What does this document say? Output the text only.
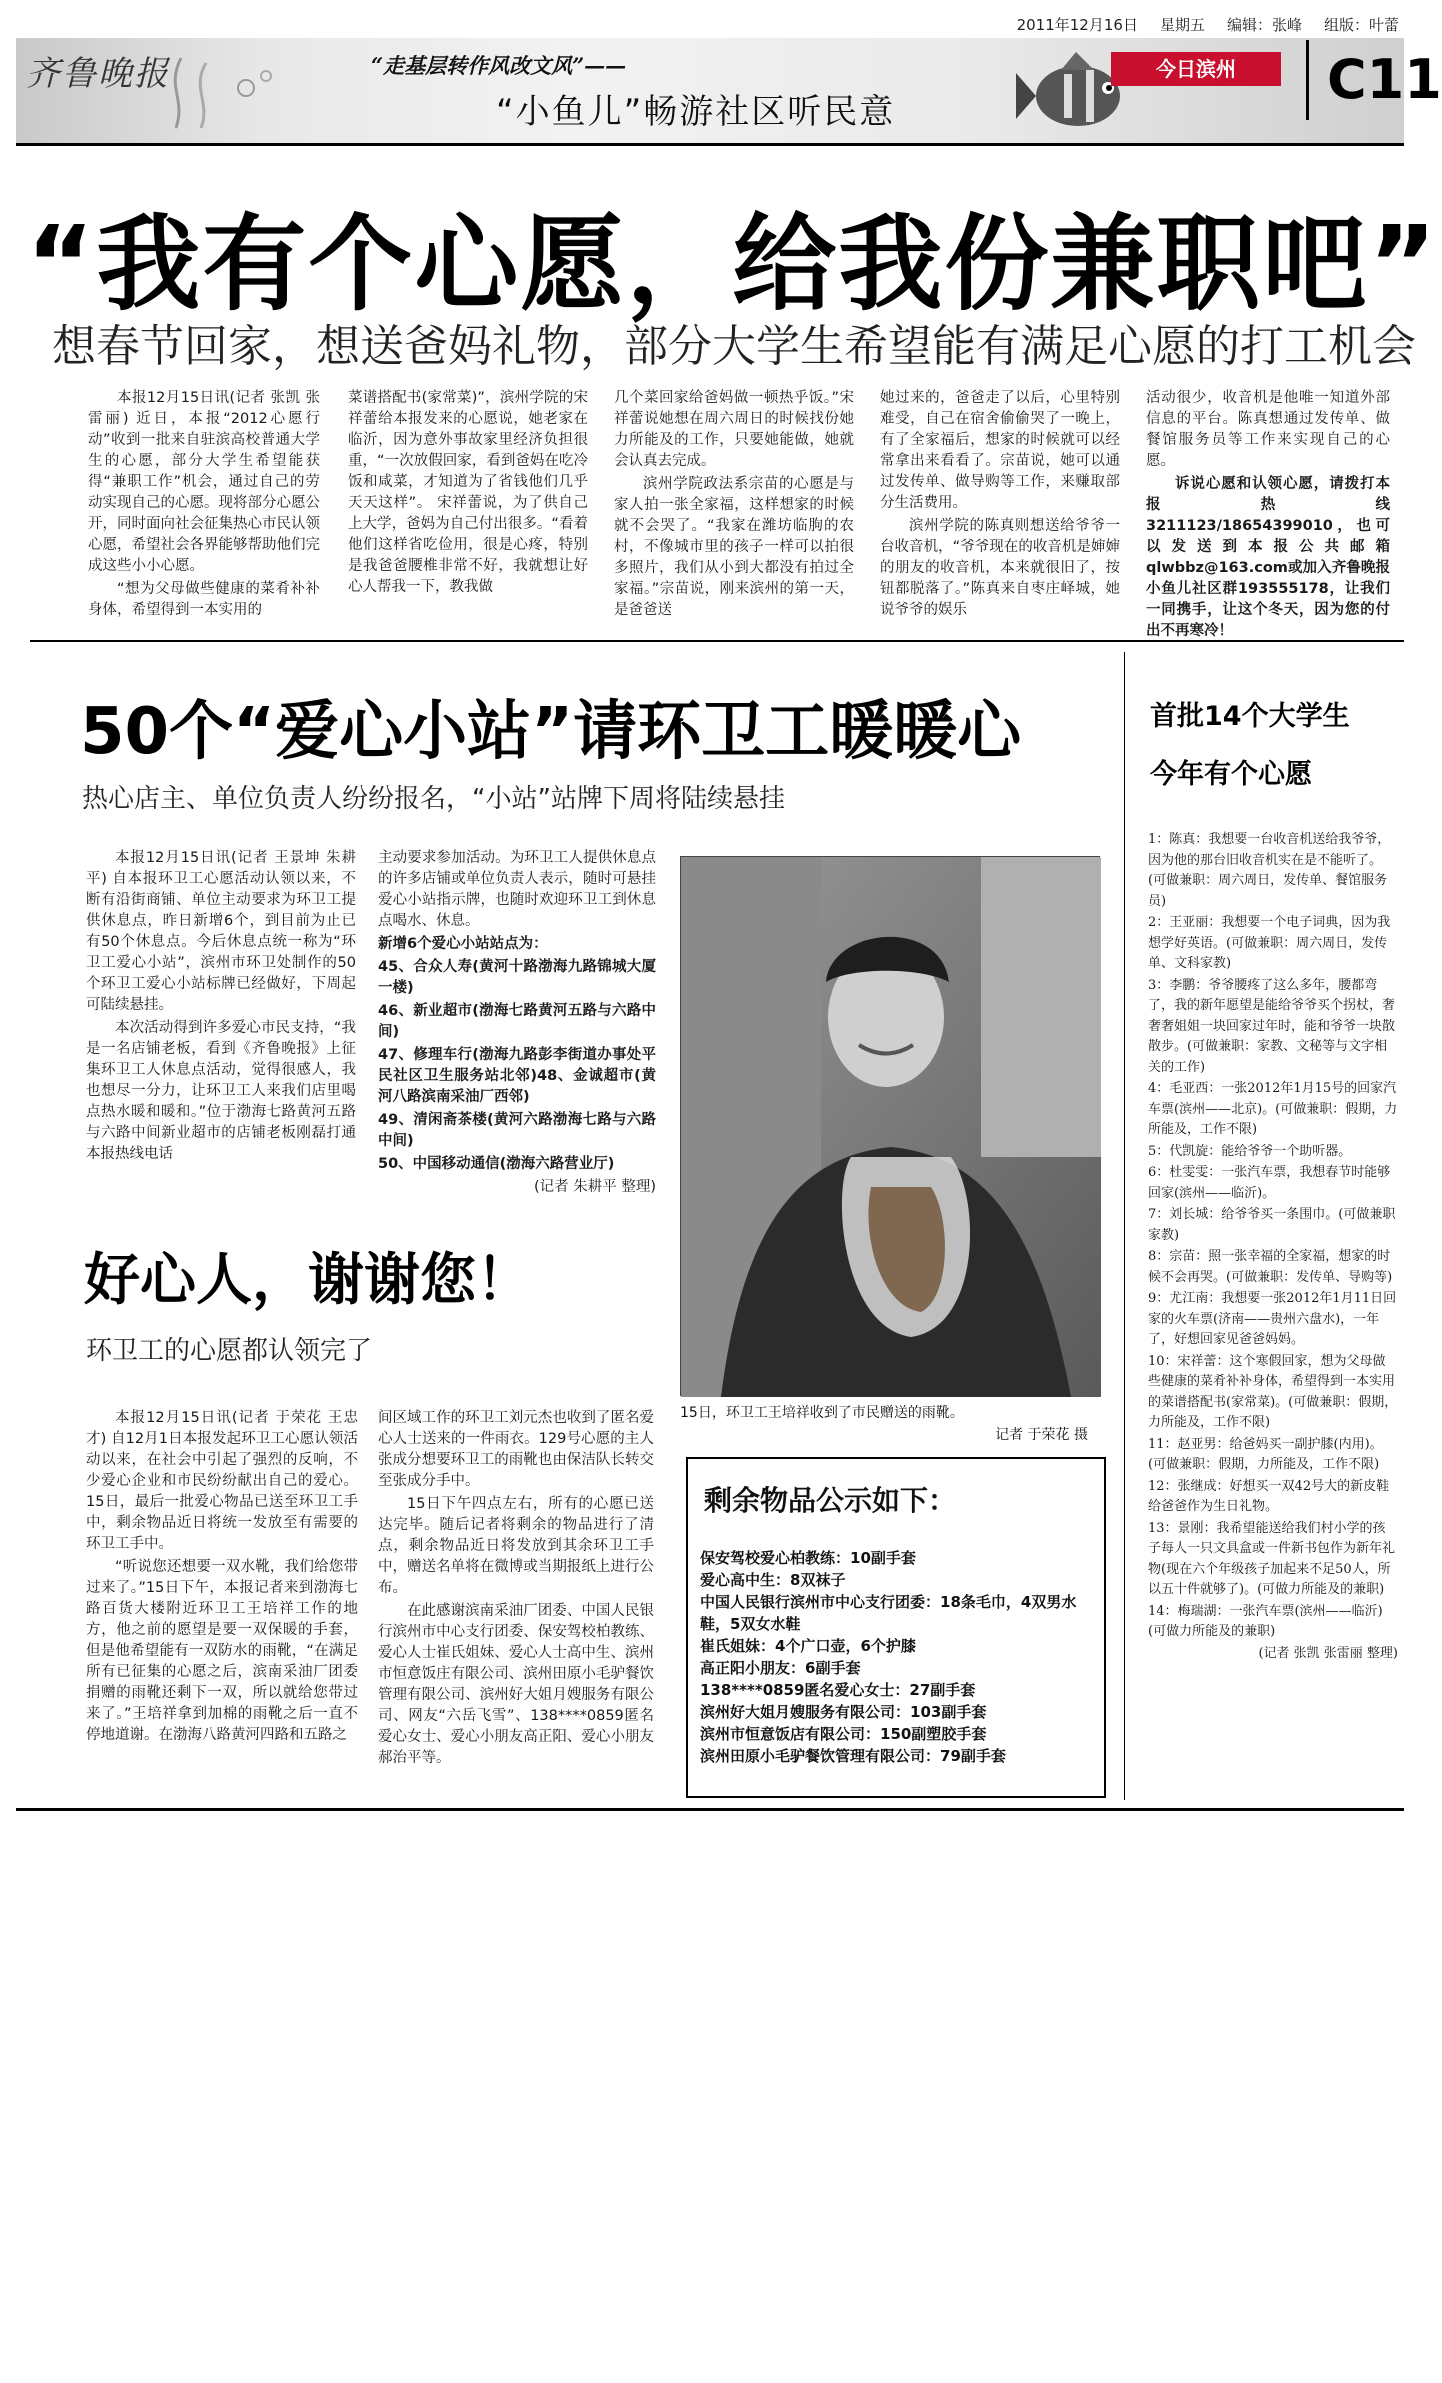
2011年12月16日 星期五 编辑：张峰 组版：叶蕾
齐鲁晚报	“走基层转作风改文风”——
“小鱼儿”畅游社区听民意
今日滨州	C11
“我有个心愿，给我份兼职吧”
想春节回家，想送爸妈礼物，部分大学生希望能有满足心愿的打工机会

本报12月15日讯(记者 张凯 张雷丽) 近日，本报“2012心愿行动”收到一批来自驻滨高校普通大学生的心愿，部分大学生希望能获得“兼职工作”机会，通过自己的劳动实现自己的心愿。现将部分心愿公开，同时面向社会征集热心市民认领心愿，希望社会各界能够帮助他们完成这些小小心愿。

“想为父母做些健康的菜肴补补身体，希望得到一本实用的

菜谱搭配书(家常菜)”，滨州学院的宋祥蕾给本报发来的心愿说，她老家在临沂，因为意外事故家里经济负担很重，“一次放假回家，看到爸妈在吃冷饭和咸菜，才知道为了省钱他们几乎天天这样”。 宋祥蕾说，为了供自己上大学，爸妈为自己付出很多。“看着他们这样省吃俭用，很是心疼，特别是我爸爸腰椎非常不好，我就想让好心人帮我一下，教我做

几个菜回家给爸妈做一顿热乎饭。”宋祥蕾说她想在周六周日的时候找份她力所能及的工作，只要她能做，她就会认真去完成。

滨州学院政法系宗苗的心愿是与家人拍一张全家福，这样想家的时候就不会哭了。“我家在潍坊临朐的农村，不像城市里的孩子一样可以拍很多照片，我们从小到大都没有拍过全家福。”宗苗说，刚来滨州的第一天，是爸爸送

她过来的，爸爸走了以后，心里特别难受，自己在宿舍偷偷哭了一晚上，有了全家福后，想家的时候就可以经常拿出来看看了。宗苗说，她可以通过发传单、做导购等工作，来赚取部分生活费用。

滨州学院的陈真则想送给爷爷一台收音机，“爷爷现在的收音机是婶婶的朋友的收音机，本来就很旧了，按钮都脱落了。”陈真来自枣庄峄城，她说爷爷的娱乐

活动很少，收音机是他唯一知道外部信息的平台。陈真想通过发传单、做餐馆服务员等工作来实现自己的心愿。

诉说心愿和认领心愿，请拨打本报热线3211123/18654399010，也可以发送到本报公共邮箱qlwbbz@163.com或加入齐鲁晚报小鱼儿社区群193555178，让我们一同携手，让这个冬天，因为您的付出不再寒冷！

50个“爱心小站”请环卫工暖暖心
热心店主、单位负责人纷纷报名，“小站”站牌下周将陆续悬挂

本报12月15日讯(记者 王景坤 朱耕平) 自本报环卫工心愿活动认领以来，不断有沿街商铺、单位主动要求为环卫工提供休息点，昨日新增6个，到目前为止已有50个休息点。今后休息点统一称为“环卫工爱心小站”，滨州市环卫处制作的50个环卫工爱心小站标牌已经做好，下周起可陆续悬挂。

本次活动得到许多爱心市民支持，“我是一名店铺老板，看到《齐鲁晚报》上征集环卫工人休息点活动，觉得很感人，我也想尽一分力，让环卫工人来我们店里喝点热水暖和暖和。”位于渤海七路黄河五路与六路中间新业超市的店铺老板刚磊打通本报热线电话

主动要求参加活动。为环卫工人提供休息点的许多店铺或单位负责人表示，随时可悬挂爱心小站指示牌，也随时欢迎环卫工到休息点喝水、休息。

新增6个爱心小站站点为：

45、合众人寿(黄河十路渤海九路锦城大厦一楼)

46、新业超市(渤海七路黄河五路与六路中间)

47、修理车行(渤海九路彭李街道办事处平民社区卫生服务站北邻)48、金诚超市(黄河八路滨南采油厂西邻)

49、清闲斋茶楼(黄河六路渤海七路与六路中间)

50、中国移动通信(渤海六路营业厅)

(记者 朱耕平 整理)

15日，环卫工王培祥收到了市民赠送的雨靴。
记者 于荣花 摄
首批14个大学生
今年有个心愿

1：陈真：我想要一台收音机送给我爷爷，因为他的那台旧收音机实在是不能听了。(可做兼职：周六周日，发传单、餐馆服务员)

2：王亚丽：我想要一个电子词典，因为我想学好英语。(可做兼职：周六周日，发传单、文科家教)

3：李鹏：爷爷腰疼了这么多年，腰都弯了，我的新年愿望是能给爷爷买个拐杖，奢奢奢姐姐一块回家过年时，能和爷爷一块散散步。(可做兼职：家教、文秘等与文字相关的工作)

4：毛亚西：一张2012年1月15号的回家汽车票(滨州——北京)。(可做兼职：假期，力所能及，工作不限)

5：代凯旋：能给爷爷一个助听器。

6：杜雯雯：一张汽车票，我想春节时能够回家(滨州——临沂)。

7：刘长城：给爷爷买一条围巾。(可做兼职家教)

8：宗苗：照一张幸福的全家福，想家的时候不会再哭。(可做兼职：发传单、导购等)

9：尤江南：我想要一张2012年1月11日回家的火车票(济南——贵州六盘水)，一年了，好想回家见爸爸妈妈。

10：宋祥蕾：这个寒假回家，想为父母做些健康的菜肴补补身体，希望得到一本实用的菜谱搭配书(家常菜)。(可做兼职：假期，力所能及，工作不限)

11：赵亚男：给爸妈买一副护膝(内用)。(可做兼职：假期，力所能及，工作不限)

12：张继成：好想买一双42号大的新皮鞋给爸爸作为生日礼物。

13：景刚：我希望能送给我们村小学的孩子每人一只文具盒或一件新书包作为新年礼物(现在六个年级孩子加起来不足50人，所以五十件就够了)。(可做力所能及的兼职)

14：梅瑞湖：一张汽车票(滨州——临沂)(可做力所能及的兼职)

(记者 张凯 张雷丽 整理)

好心人，谢谢您！
环卫工的心愿都认领完了

本报12月15日讯(记者 于荣花 王忠才) 自12月1日本报发起环卫工心愿认领活动以来，在社会中引起了强烈的反响，不少爱心企业和市民纷纷献出自己的爱心。15日，最后一批爱心物品已送至环卫工手中，剩余物品近日将统一发放至有需要的环卫工手中。

“听说您还想要一双水靴，我们给您带过来了。”15日下午，本报记者来到渤海七路百货大楼附近环卫工王培祥工作的地方，他之前的愿望是要一双保暖的手套，但是他希望能有一双防水的雨靴，“在满足所有已征集的心愿之后，滨南采油厂团委捐赠的雨靴还剩下一双，所以就给您带过来了。”王培祥拿到加棉的雨靴之后一直不停地道谢。在渤海八路黄河四路和五路之

间区域工作的环卫工刘元杰也收到了匿名爱心人士送来的一件雨衣。129号心愿的主人张成分想要环卫工的雨靴也由保洁队长转交至张成分手中。

15日下午四点左右，所有的心愿已送达完毕。随后记者将剩余的物品进行了清点，剩余物品近日将发放到其余环卫工手中，赠送名单将在微博或当期报纸上进行公布。

在此感谢滨南采油厂团委、中国人民银行滨州市中心支行团委、保安驾校柏教练、爱心人士崔氏姐妹、爱心人士高中生、滨州市恒意饭庄有限公司、滨州田原小毛驴餐饮管理有限公司、滨州好大姐月嫂服务有限公司、网友“六岳飞雪”、138****0859匿名爱心女士、爱心小朋友高正阳、爱心小朋友郝治平等。

剩余物品公示如下：
保安驾校爱心柏教练：10副手套
爱心高中生：8双袜子
中国人民银行滨州市中心支行团委：18条毛巾，4双男水鞋，5双女水鞋
崔氏姐妹：4个广口壶，6个护膝
高正阳小朋友：6副手套
138****0859匿名爱心女士：27副手套
滨州好大姐月嫂服务有限公司：103副手套
滨州市恒意饭店有限公司：150副塑胶手套
滨州田原小毛驴餐饮管理有限公司：79副手套
